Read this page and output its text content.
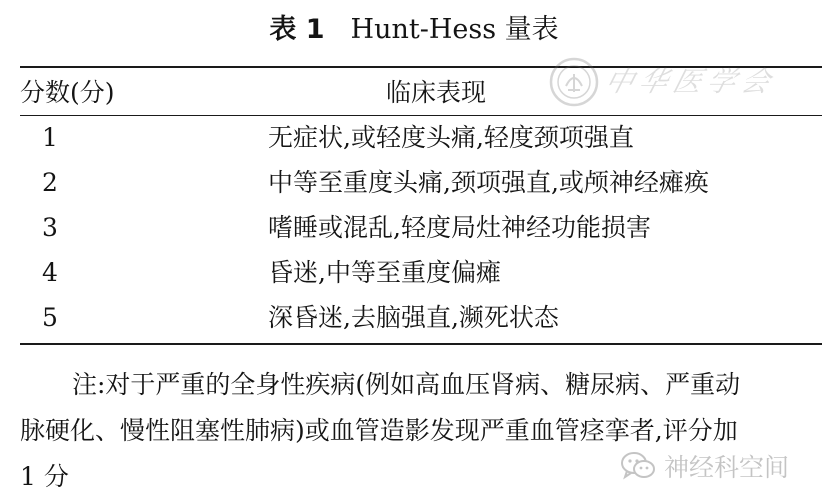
表 1 Hunt-Hess 量表
分数(分)	临床表现
1	无症状,或轻度头痛,轻度颈项强直
2	中等至重度头痛,颈项强直,或颅神经瘫痪
3	嗜睡或混乱,轻度局灶神经功能损害
4	昏迷,中等至重度偏瘫
5	深昏迷,去脑强直,濒死状态
注:对于严重的全身性疾病(例如高血压肾病、糖尿病、严重动
脉硬化、慢性阻塞性肺病)或血管造影发现严重血管痉挛者,评分加
1 分
中华医学会
神经科空间
